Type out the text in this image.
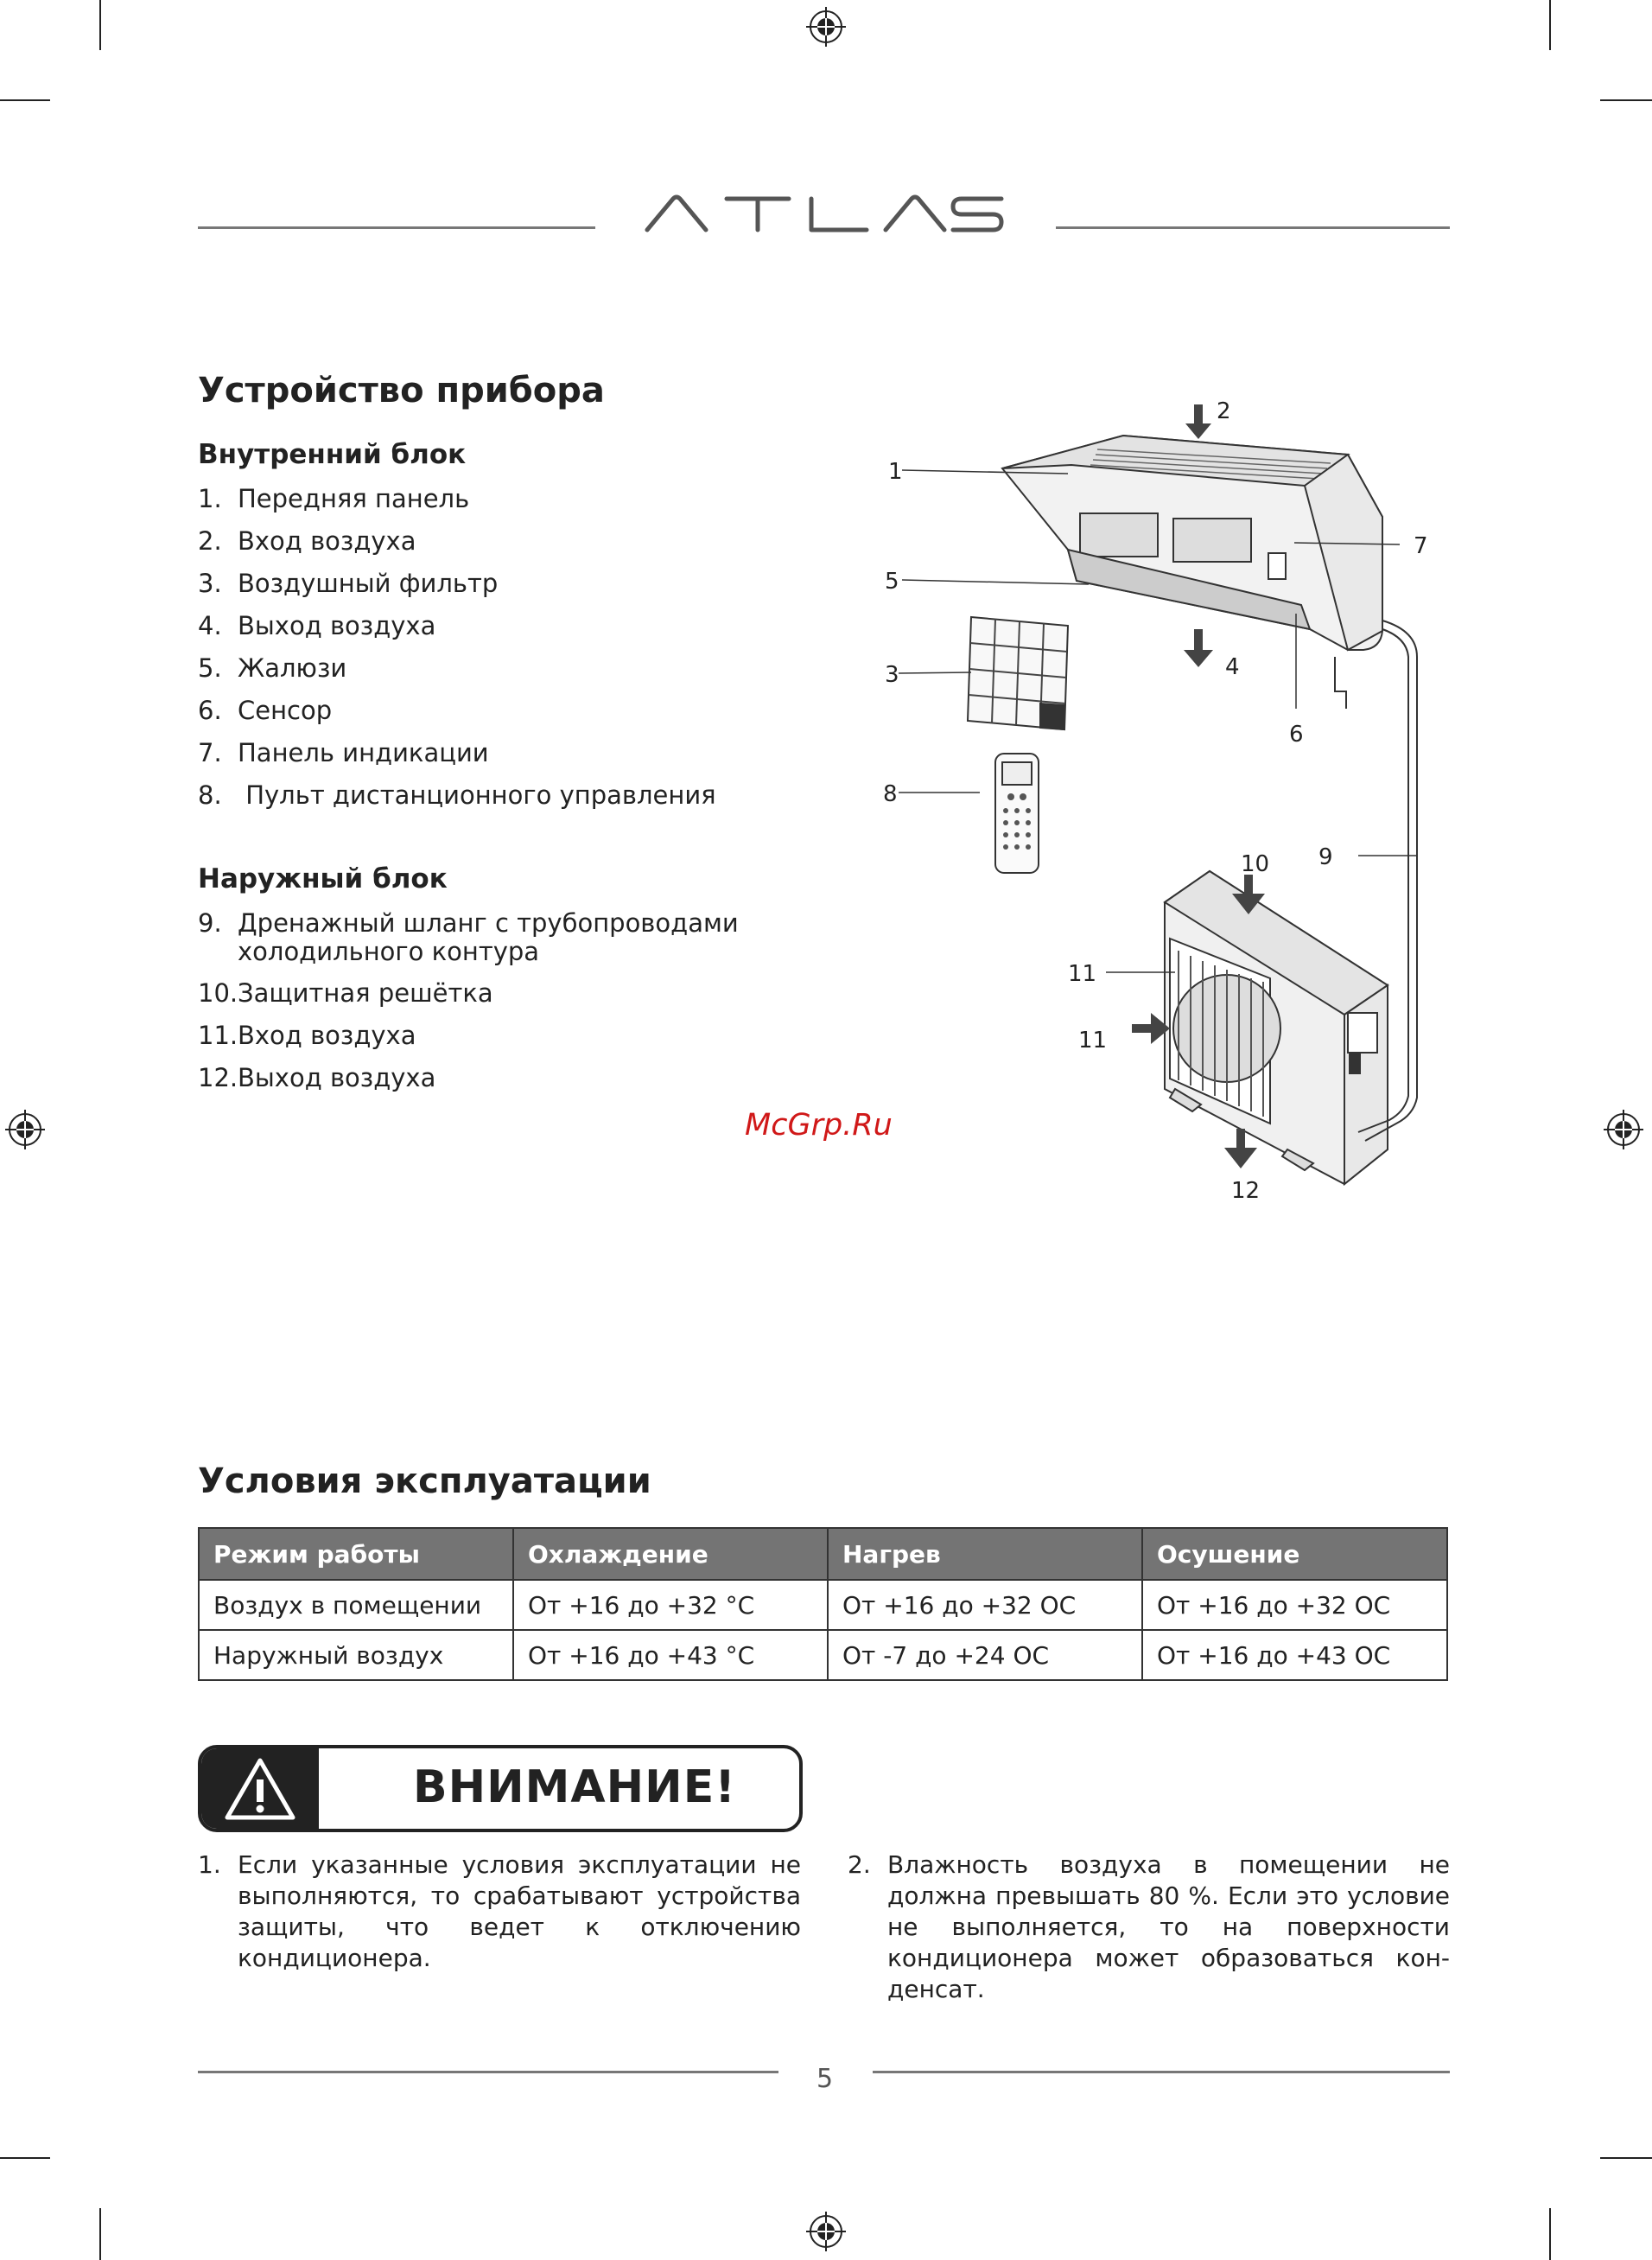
Устройство прибора
Внутренний блок
1. Передняя панель
2. Вход воздуха
3. Воздушный фильтр
4. Выход воздуха
5. Жалюзи
6. Сенсор
7. Панель индикации
8. Пульт дистанционного управления
Наружный блок
9. Дренажный шланг с трубопроводами
холодильного контура
10.Защитная решётка
11.Вход воздуха
12.Выход воздуха
2
1
7
5
3	4
6
8
9
10
11
11
12
McGrp.Ru
Условия эксплуатации
Режим работы	Охлаждение	Нагрев	Осушение
Воздух в помещении	От +16 до +32 °С	От +16 до +32 ОС	От +16 до +32 ОС
Наружный воздух	От +16 до +43 °С	От -7 до +24 ОС	От +16 до +43 ОС
ВНИМАНИЕ!
1. Если указанные условия эксплуатации не выполняются, то срабатывают устройства защиты, что ведет к отключению кондиционера.
2. Влажность воздуха в помещении не должна превышать 80 %. Если это условие не выполняется, то на поверхности кондиционера может образоваться конденсат.
5
